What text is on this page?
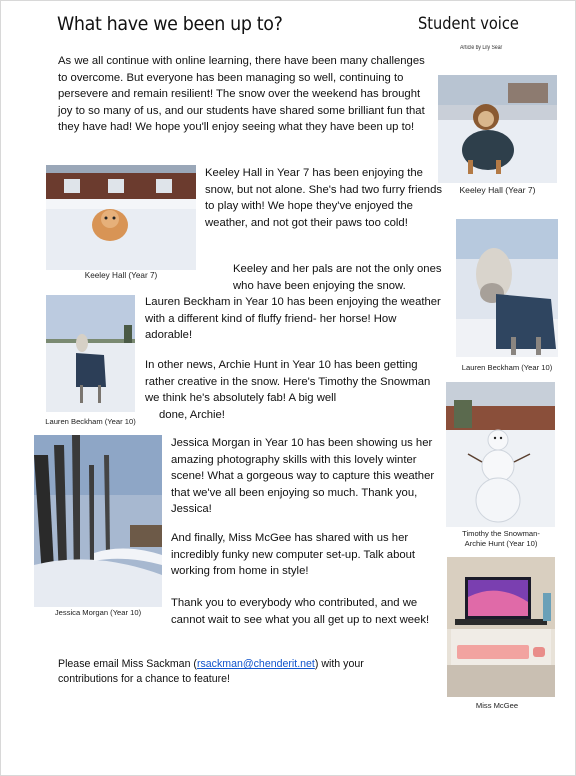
What have we been up to?	Student voice
Article by Lily Sear
As we all continue with online learning, there have been many challenges to overcome. But everyone has been managing so well, continuing to persevere and remain resilient! The snow over the weekend has brought joy to so many of us, and our students have shared some brilliant fun that they have had! We hope you'll enjoy seeing what they have been up to!
Keeley Hall (Year 7)
Keeley Hall (Year 7)
Keeley Hall in Year 7 has been enjoying the snow, but not alone. She's had two furry friends to play with! We hope they've enjoyed the weather, and not got their paws too cold!
Lauren Beckham (Year 10)
Keeley and her pals are not the only ones who have been enjoying the snow.
Lauren Beckham (Year 10)
Lauren Beckham in Year 10 has been enjoying the weather with a different kind of fluffy friend- her horse! How adorable!
In other news, Archie Hunt in Year 10 has been getting rather creative in the snow. Here's Timothy the Snowman we think he's absolutely fab! A big well
done, Archie!
Timothy the Snowman- Archie Hunt (Year 10)
Jessica Morgan (Year 10)
Jessica Morgan in Year 10 has been showing us her amazing photography skills with this lovely winter scene! What a gorgeous way to capture this weather that we've all been enjoying so much. Thank you, Jessica!
And finally, Miss McGee has shared with us her incredibly funky new computer set-up. Talk about working from home in style!
Miss McGee
Thank you to everybody who contributed, and we cannot wait to see what you all get up to next week!
Please email Miss Sackman (rsackman@chenderit.net) with your contributions for a chance to feature!
